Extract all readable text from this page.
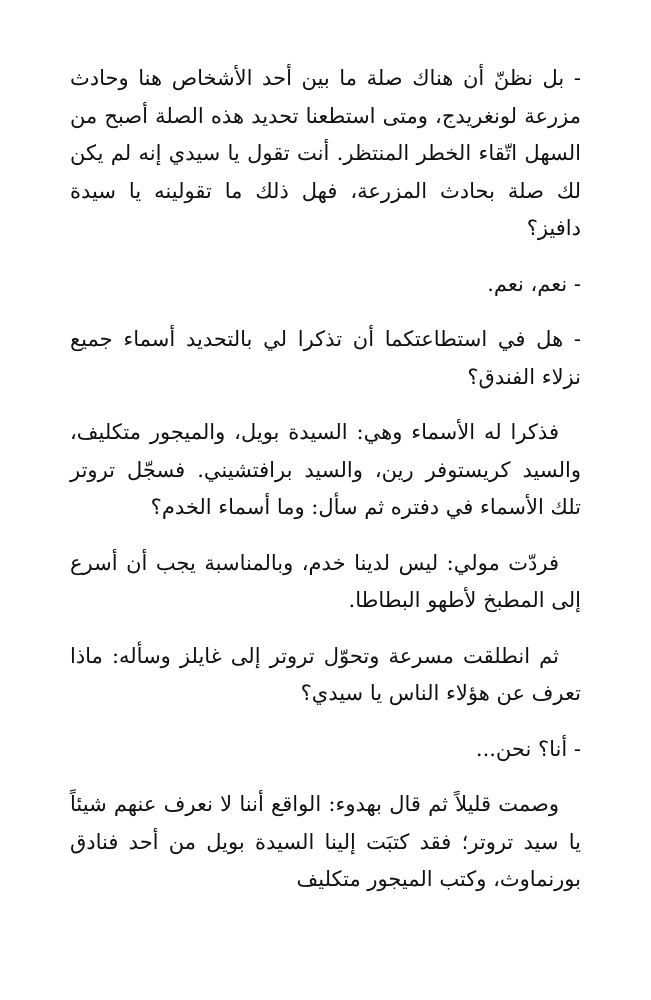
- بل نظنّ أن هناك صلة ما بين أحد الأشخاص هنا وحادث مزرعة لونغريدج، ومتى استطعنا تحديد هذه الصلة أصبح من السهل اتّقاء الخطر المنتظر. أنت تقول يا سيدي إنه لم يكن لك صلة بحادث المزرعة، فهل ذلك ما تقولينه يا سيدة دافيز؟

- نعم، نعم.

- هل في استطاعتكما أن تذكرا لي بالتحديد أسماء جميع نزلاء الفندق؟

فذكرا له الأسماء وهي: السيدة بويل، والميجور متكليف، والسيد كريستوفر رين، والسيد برافتشيني. فسجّل تروتر تلك الأسماء في دفتره ثم سأل: وما أسماء الخدم؟

فردّت مولي: ليس لدينا خدم، وبالمناسبة يجب أن أسرع إلى المطبخ لأطهو البطاطا.

ثم انطلقت مسرعة وتحوّل تروتر إلى غايلز وسأله: ماذا تعرف عن هؤلاء الناس يا سيدي؟

- أنا؟ نحن...

وصمت قليلاً ثم قال بهدوء: الواقع أننا لا نعرف عنهم شيئاً يا سيد تروتر؛ فقد كتبَت إلينا السيدة بويل من أحد فنادق بورنماوث، وكتب الميجور متكليف
